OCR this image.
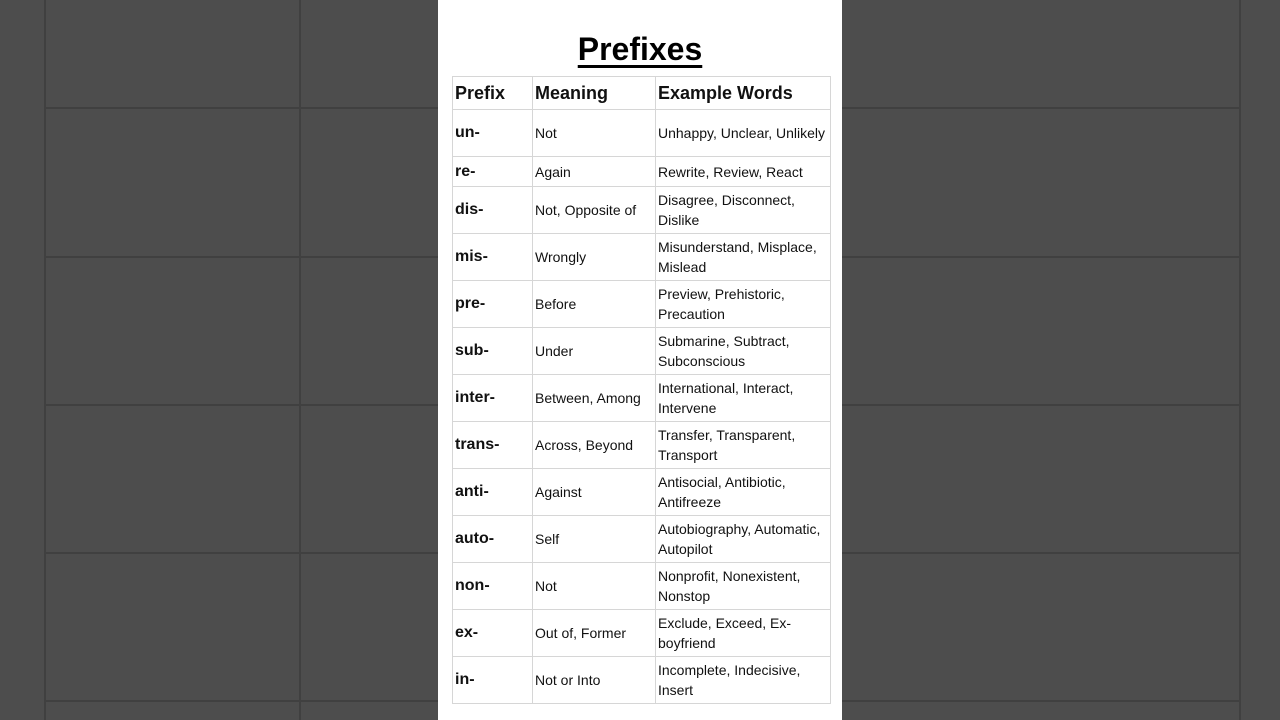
Prefixes
Prefix	Meaning	Example Words
un-	Not	Unhappy, Unclear, Unlikely
re-	Again	Rewrite, Review, React
dis-	Not, Opposite of	Disagree, Disconnect, Dislike
mis-	Wrongly	Misunderstand, Misplace, Mislead
pre-	Before	Preview, Prehistoric, Precaution
sub-	Under	Submarine, Subtract, Subconscious
inter-	Between, Among	International, Interact, Intervene
trans-	Across, Beyond	Transfer, Transparent, Transport
anti-	Against	Antisocial, Antibiotic, Antifreeze
auto-	Self	Autobiography, Automatic, Autopilot
non-	Not	Nonprofit, Nonexistent, Nonstop
ex-	Out of, Former	Exclude, Exceed, Ex-boyfriend
in-	Not or Into	Incomplete, Indecisive, Insert
